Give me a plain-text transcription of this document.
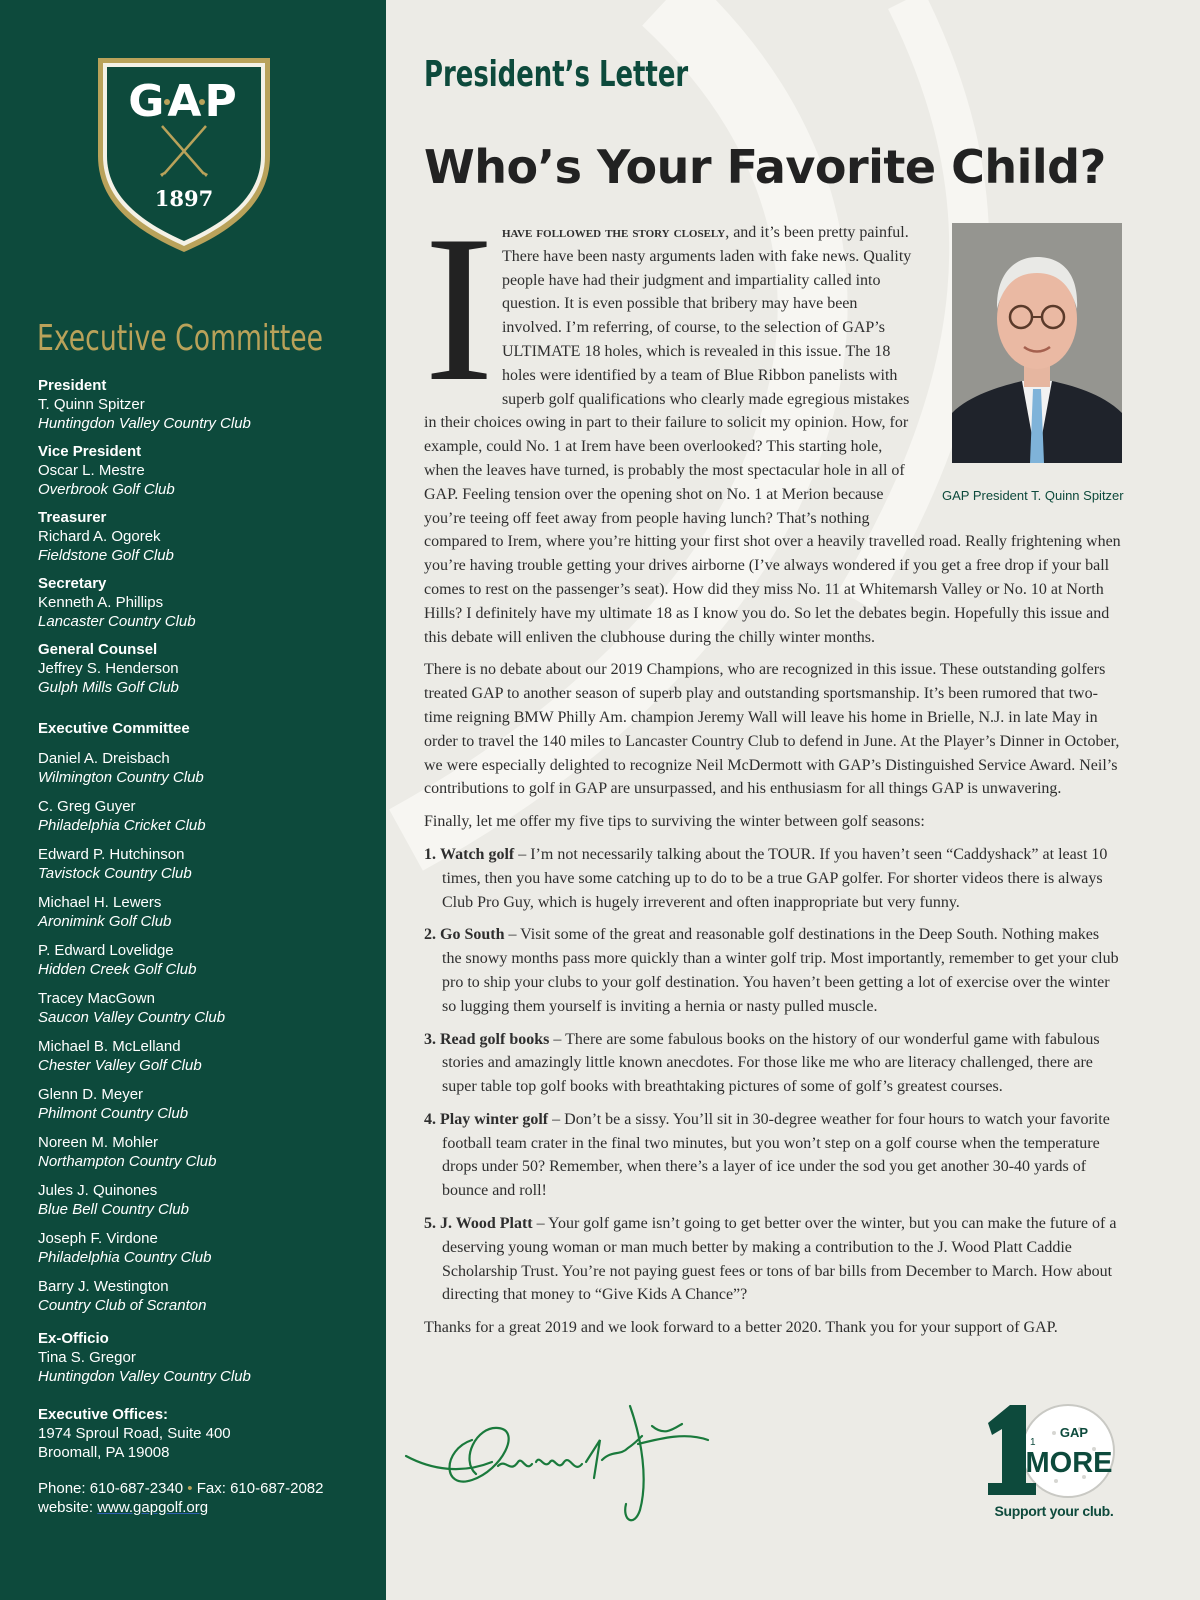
GAP
1897
Executive Committee
President
T. Quinn Spitzer
Huntingdon Valley Country Club
Vice President
Oscar L. Mestre
Overbrook Golf Club
Treasurer
Richard A. Ogorek
Fieldstone Golf Club
Secretary
Kenneth A. Phillips
Lancaster Country Club
General Counsel
Jeffrey S. Henderson
Gulph Mills Golf Club
Executive Committee
Daniel A. Dreisbach
Wilmington Country Club
C. Greg Guyer
Philadelphia Cricket Club
Edward P. Hutchinson
Tavistock Country Club
Michael H. Lewers
Aronimink Golf Club
P. Edward Lovelidge
Hidden Creek Golf Club
Tracey MacGown
Saucon Valley Country Club
Michael B. McLelland
Chester Valley Golf Club
Glenn D. Meyer
Philmont Country Club
Noreen M. Mohler
Northampton Country Club
Jules J. Quinones
Blue Bell Country Club
Joseph F. Virdone
Philadelphia Country Club
Barry J. Westington
Country Club of Scranton
Ex-Officio
Tina S. Gregor
Huntingdon Valley Country Club
Executive Offices:
1974 Sproul Road, Suite 400
Broomall, PA 19008
Phone: 610-687-2340 • Fax: 610-687-2082
website: www.gapgolf.org
President’s Letter
Who’s Your Favorite Child?
GAP President T. Quinn Spitzer
I have followed the story closely, and it’s been pretty painful. There have been nasty arguments laden with fake news. Quality people have had their judgment and impartiality called into question. It is even possible that bribery may have been involved. I’m referring, of course, to the selection of GAP’s ULTIMATE 18 holes, which is revealed in this issue. The 18 holes were identified by a team of Blue Ribbon panelists with superb golf qualifications who clearly made egregious mistakes in their choices owing in part to their failure to solicit my opinion. How, for example, could No. 1 at Irem have been overlooked? This starting hole, when the leaves have turned, is probably the most spectacular hole in all of GAP. Feeling tension over the opening shot on No. 1 at Merion because you’re teeing off feet away from people having lunch? That’s nothing compared to Irem, where you’re hitting your first shot over a heavily travelled road. Really frightening when you’re having trouble getting your drives airborne (I’ve always wondered if you get a free drop if your ball comes to rest on the passenger’s seat). How did they miss No. 11 at Whitemarsh Valley or No. 10 at North Hills? I definitely have my ultimate 18 as I know you do. So let the debates begin. Hopefully this issue and this debate will enliven the clubhouse during the chilly winter months.

There is no debate about our 2019 Champions, who are recognized in this issue. These outstanding golfers treated GAP to another season of superb play and outstanding sportsmanship. It’s been rumored that two-time reigning BMW Philly Am. champion Jeremy Wall will leave his home in Brielle, N.J. in late May in order to travel the 140 miles to Lancaster Country Club to defend in June. At the Player’s Dinner in October, we were especially delighted to recognize Neil McDermott with GAP’s Distinguished Service Award. Neil’s contributions to golf in GAP are unsurpassed, and his enthusiasm for all things GAP is unwavering.

Finally, let me offer my five tips to surviving the winter between golf seasons:

1. Watch golf – I’m not necessarily talking about the TOUR. If you haven’t seen “Caddyshack” at least 10 times, then you have some catching up to do to be a true GAP golfer. For shorter videos there is always Club Pro Guy, which is hugely irreverent and often inappropriate but very funny.
2. Go South – Visit some of the great and reasonable golf destinations in the Deep South. Nothing makes the snowy months pass more quickly than a winter golf trip. Most importantly, remember to get your club pro to ship your clubs to your golf destination. You haven’t been getting a lot of exercise over the winter so lugging them yourself is inviting a hernia or nasty pulled muscle.
3. Read golf books – There are some fabulous books on the history of our wonderful game with fabulous stories and amazingly little known anecdotes. For those like me who are literacy challenged, there are super table top golf books with breathtaking pictures of some of golf’s greatest courses.
4. Play winter golf – Don’t be a sissy. You’ll sit in 30-degree weather for four hours to watch your favorite football team crater in the final two minutes, but you won’t step on a golf course when the temperature drops under 50? Remember, when there’s a layer of ice under the sod you get another 30-40 yards of bounce and roll!
5. J. Wood Platt – Your golf game isn’t going to get better over the winter, but you can make the future of a deserving young woman or man much better by making a contribution to the J. Wood Platt Caddie Scholarship Trust. You’re not paying guest fees or tons of bar bills from December to March. How about directing that money to “Give Kids A Chance”?

Thanks for a great 2019 and we look forward to a better 2020. Thank you for your support of GAP.

GAP
1
MORE
Support your club.
